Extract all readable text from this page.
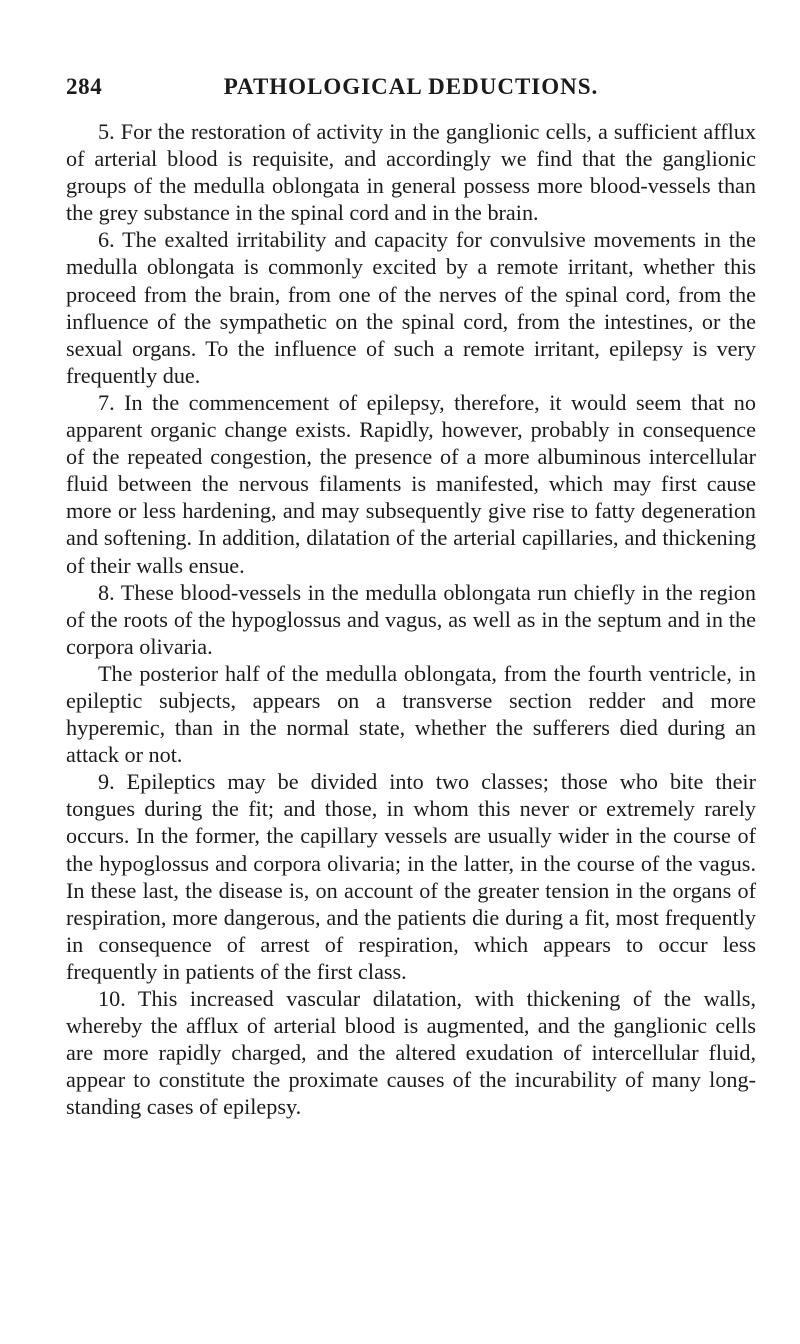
284	PATHOLOGICAL DEDUCTIONS.

5. For the restoration of activity in the ganglionic cells, a sufficient afflux of arterial blood is requisite, and accordingly we find that the ganglionic groups of the medulla oblongata in general possess more blood-vessels than the grey substance in the spinal cord and in the brain.

6. The exalted irritability and capacity for convulsive movements in the medulla oblongata is commonly excited by a remote irritant, whether this proceed from the brain, from one of the nerves of the spinal cord, from the influence of the sympathetic on the spinal cord, from the intestines, or the sexual organs. To the influence of such a remote irritant, epilepsy is very frequently due.

7. In the commencement of epilepsy, therefore, it would seem that no apparent organic change exists. Rapidly, however, probably in consequence of the repeated congestion, the presence of a more albuminous intercellular fluid between the nervous filaments is manifested, which may first cause more or less hardening, and may subsequently give rise to fatty degeneration and softening. In addition, dilatation of the arterial capillaries, and thickening of their walls ensue.

8. These blood-vessels in the medulla oblongata run chiefly in the region of the roots of the hypoglossus and vagus, as well as in the septum and in the corpora olivaria.

The posterior half of the medulla oblongata, from the fourth ventricle, in epileptic subjects, appears on a transverse section redder and more hyperemic, than in the normal state, whether the sufferers died during an attack or not.

9. Epileptics may be divided into two classes; those who bite their tongues during the fit; and those, in whom this never or extremely rarely occurs. In the former, the capillary vessels are usually wider in the course of the hypoglossus and corpora olivaria; in the latter, in the course of the vagus. In these last, the disease is, on account of the greater tension in the organs of respiration, more dangerous, and the patients die during a fit, most frequently in consequence of arrest of respiration, which appears to occur less frequently in patients of the first class.

10. This increased vascular dilatation, with thickening of the walls, whereby the afflux of arterial blood is augmented, and the ganglionic cells are more rapidly charged, and the altered exudation of intercellular fluid, appear to constitute the proximate causes of the incurability of many long-standing cases of epilepsy.
